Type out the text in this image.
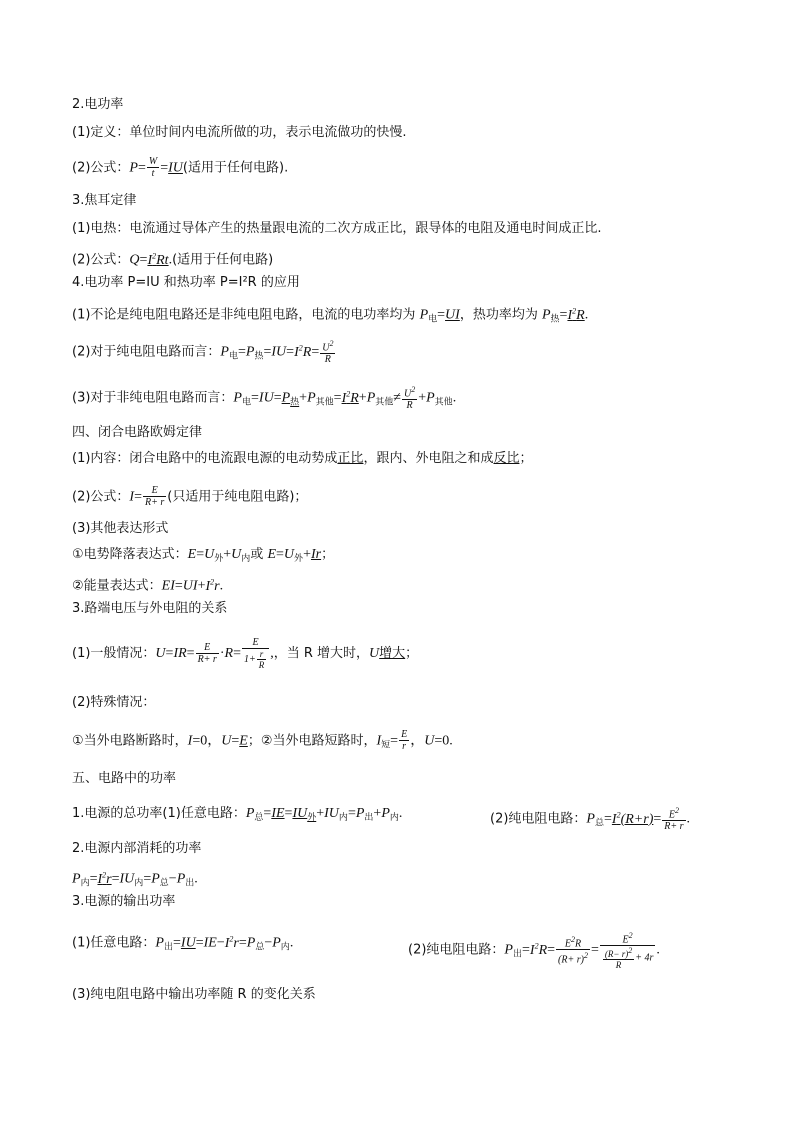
2.电功率
(1)定义：单位时间内电流所做的功，表示电流做功的快慢.
(2)公式：$P= \frac{W}{t} =IU$(适用于任何电路).
3.焦耳定律
(1)电热：电流通过导体产生的热量跟电流的二次方成正比，跟导体的电阻及通电时间成正比.
(2)公式：$Q=I^2Rt$.(适用于任何电路)
4.电功率 P=IU 和热功率 P=I²R 的应用
(1)不论是纯电阻电路还是非纯电阻电路，电流的电功率均为 $P_电=UI$，热功率均为 $P_热=I^2R$.
(2)对于纯电阻电路而言：$P_电=P_热=IU=I^2R= \frac{U^2}{R}$
(3)对于非纯电阻电路而言：$P_电=IU=P_热+P_{其他}=I^2R+P_{其他}\ne \frac{U^2}{R} +P_{其他}$.
四、闭合电路欧姆定律
(1)内容：闭合电路中的电流跟电源的电动势成正比，跟内、外电阻之和成反比；
(2)公式：$I= \frac{E}{R+ r}$ (只适用于纯电阻电路)；
(3)其他表达形式
①电势降落表达式：$E=U_外+U_内$或 $E=U_外+Ir$；
②能量表达式：$EI=UI+I^2r$.
3.路端电压与外电阻的关系
(1)一般情况：$U=IR= \frac{E}{R+ r} \cdot R= \frac{E}{1+ \frac{r}{R}}$ ,，当 R 增大时，U增大；
(2)特殊情况：
①当外电路断路时，I=0，U=E；②当外电路短路时，$I_短= \frac{E}{r}$ ，U=0.
五、电路中的功率
1.电源的总功率(1)任意电路：$P_总=IE=IU_外+IU_内=P_出+P_内$.	(2)纯电阻电路：$P_总=I^2(R+r)= \frac{E^2}{R+ r}$ .
2.电源内部消耗的功率
$P_内=I^2r=IU_内=P_总-P_出$.
3.电源的输出功率
(1)任意电路：$P_出=IU=IE-I^2r=P_总-P_内$.	(2)纯电阻电路：$P_出=I^2R= \frac{E^2R}{(R+ r)^2} = \frac{E^2}{\frac{(R- r)^2}{R} + 4r}$ .
(3)纯电阻电路中输出功率随 R 的变化关系
